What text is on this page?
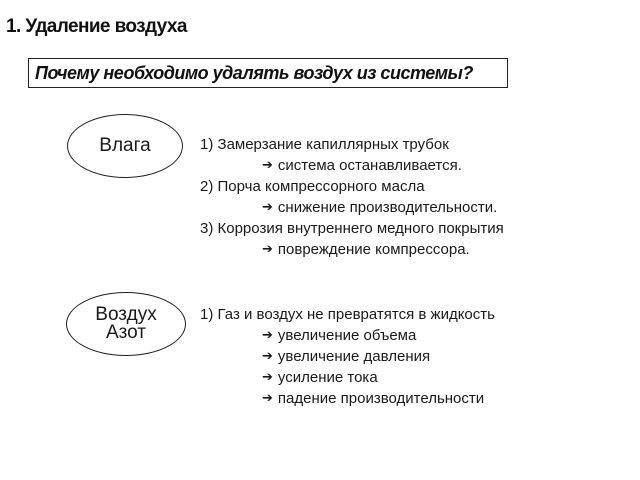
1. Удаление воздуха
Почему необходимо удалять воздух из системы?
Влага	1) Замерзание капиллярных трубок
➔ система останавливается.
2) Порча компрессорного масла
➔ снижение производительности.
3) Коррозия внутреннего медного покрытия
➔ повреждение компрессора.
Воздух
Азот
1) Газ и воздух не превратятся в жидкость
➔ увеличение объема
➔ увеличение давления
➔ усиление тока
➔ падение производительности
